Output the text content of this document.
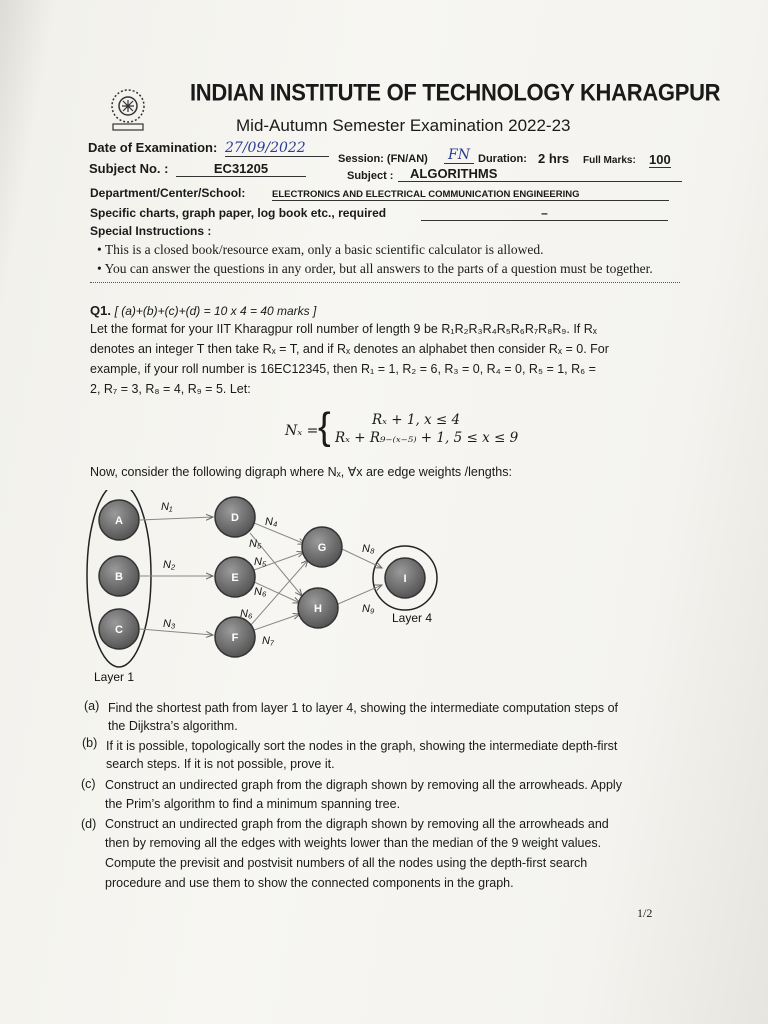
INDIAN INSTITUTE OF TECHNOLOGY KHARAGPUR
Mid-Autumn Semester Examination 2022-23
Date of Examination: 27/09/2022
Session: (FN/AN) FN Duration: 2 hrs Full Marks: 100
Subject No. :	EC31205	Subject :	ALGORITHMS
Department/Center/School:	ELECTRONICS AND ELECTRICAL COMMUNICATION ENGINEERING
Specific charts, graph paper, log book etc., required	–
Special Instructions :
• This is a closed book/resource exam, only a basic scientific calculator is allowed.
• You can answer the questions in any order, but all answers to the parts of a question must be together.
Q1. [ (a)+(b)+(c)+(d) = 10 x 4 = 40 marks ]
Let the format for your IIT Kharagpur roll number of length 9 be R₁R₂R₃R₄R₅R₆R₇R₈R₉. If Rₓ
denotes an integer T then take Rₓ = T, and if Rₓ denotes an alphabet then consider Rₓ = 0. For
example, if your roll number is 16EC12345, then R₁ = 1, R₂ = 6, R₃ = 0, R₄ = 0, R₅ = 1, R₆ =
2, R₇ = 3, R₈ = 4, R₉ = 5. Let:
Nₓ = {	Rₓ + 1, x ≤ 4
Rₓ + R₉₋₍ₓ₋₅₎ + 1, 5 ≤ x ≤ 9
Now, consider the following digraph where Nₓ, ∀x are edge weights /lengths:
A
B
C
D
E
F
G
H
I
N₁
N₂
N₃
N₄
N₅
N₅
N₆
N₆
N₇
N₈
N₉
Layer 4
Layer 1
(a) Find the shortest path from layer 1 to layer 4, showing the intermediate computation steps of
the Dijkstra’s algorithm.
(b) If it is possible, topologically sort the nodes in the graph, showing the intermediate depth-first
search steps. If it is not possible, prove it.
(c) Construct an undirected graph from the digraph shown by removing all the arrowheads. Apply
the Prim’s algorithm to find a minimum spanning tree.
(d) Construct an undirected graph from the digraph shown by removing all the arrowheads and
then by removing all the edges with weights lower than the median of the 9 weight values.
Compute the previsit and postvisit numbers of all the nodes using the depth-first search
procedure and use them to show the connected components in the graph.
1/2
